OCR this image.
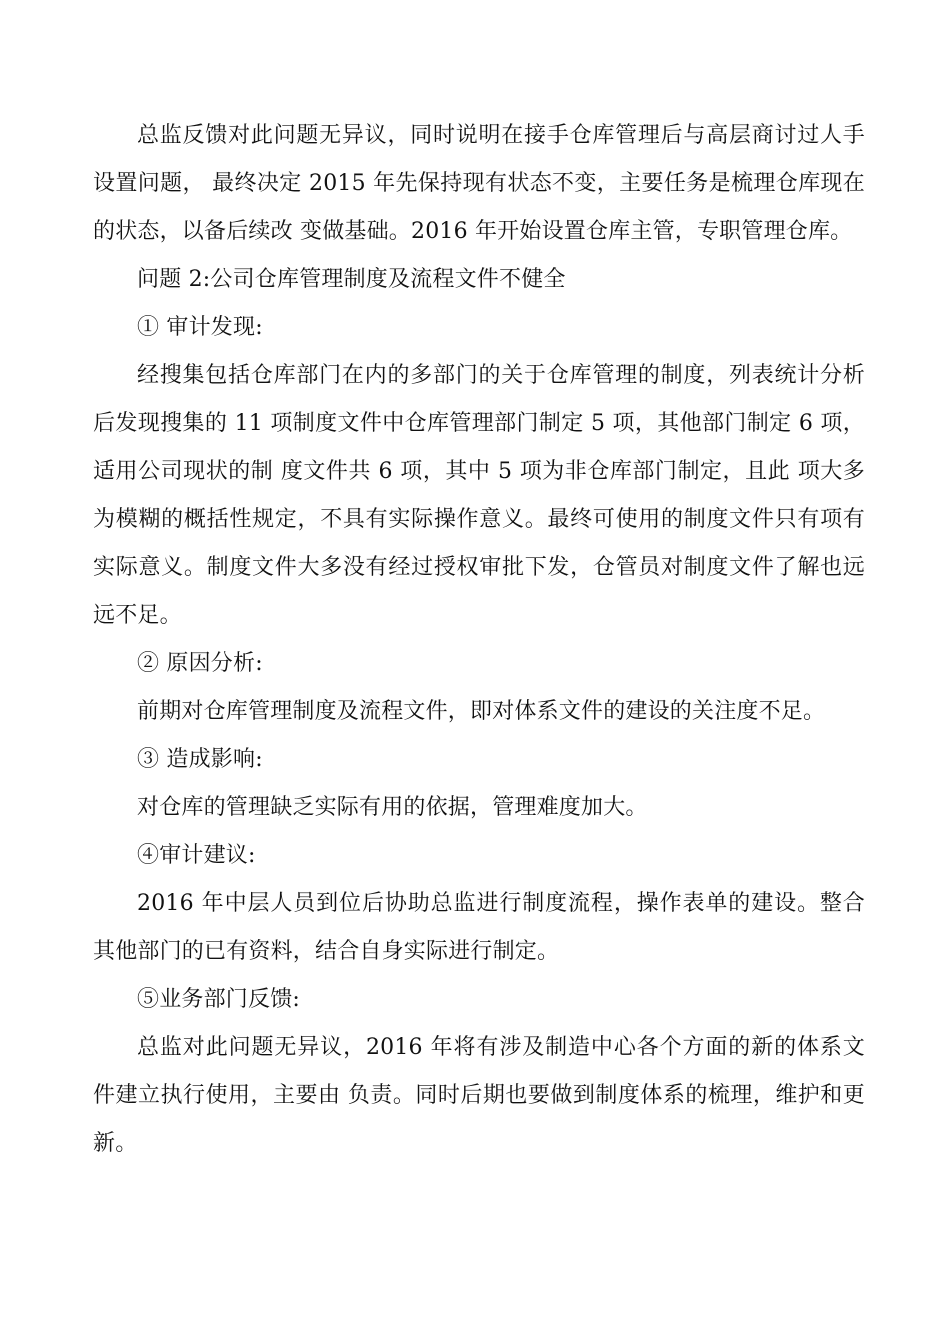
总监反馈对此问题无异议，同时说明在接手仓库管理后与高层商讨过人手设置问题， 最终决定 2015 年先保持现有状态不变，主要任务是梳理仓库现在的状态，以备后续改 变做基础。2016 年开始设置仓库主管，专职管理仓库。

问题 2:公司仓库管理制度及流程文件不健全

① 审计发现:

经搜集包括仓库部门在内的多部门的关于仓库管理的制度，列表统计分析后发现搜集的 11 项制度文件中仓库管理部门制定 5 项，其他部门制定 6 项，适用公司现状的制 度文件共 6 项，其中 5 项为非仓库部门制定，且此 项大多为模糊的概括性规定，不具有实际操作意义。最终可使用的制度文件只有项有实际意义。制度文件大多没有经过授权审批下发，仓管员对制度文件了解也远远不足。

② 原因分析:

前期对仓库管理制度及流程文件，即对体系文件的建设的关注度不足。

③ 造成影响:

对仓库的管理缺乏实际有用的依据，管理难度加大。

④审计建议:

2016 年中层人员到位后协助总监进行制度流程，操作表单的建设。整合其他部门的已有资料，结合自身实际进行制定。

⑤业务部门反馈:

总监对此问题无异议，2016 年将有涉及制造中心各个方面的新的体系文件建立执行使用，主要由 负责。同时后期也要做到制度体系的梳理，维护和更新。
